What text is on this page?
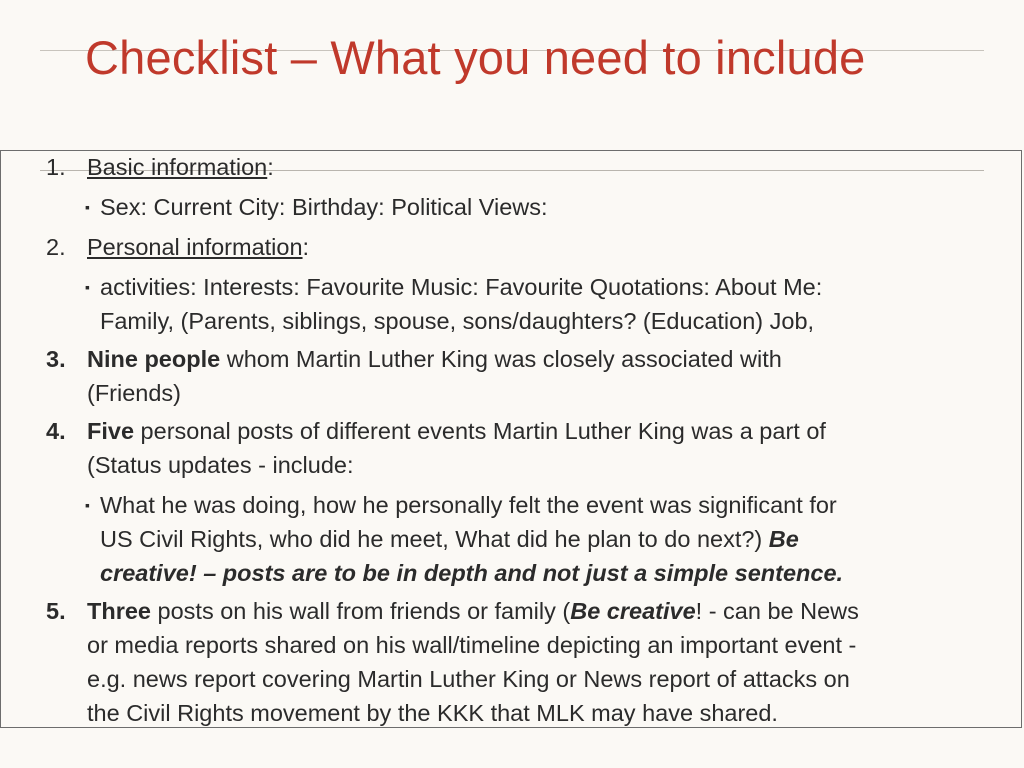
Checklist – What you need to include
1. Basic information:
▪ Sex: Current City: Birthday: Political Views:
2. Personal information:
▪ activities: Interests: Favourite Music: Favourite Quotations: About Me:
Family, (Parents, siblings, spouse, sons/daughters? (Education) Job,
3. Nine people whom Martin Luther King was closely associated with
(Friends)
4. Five personal posts of different events Martin Luther King was a part of
(Status updates - include:
▪ What he was doing, how he personally felt the event was significant for
US Civil Rights, who did he meet, What did he plan to do next?) Be
creative! – posts are to be in depth and not just a simple sentence.
5. Three posts on his wall from friends or family (Be creative! - can be News
or media reports shared on his wall/timeline depicting an important event -
e.g. news report covering Martin Luther King or News report of attacks on
the Civil Rights movement by the KKK that MLK may have shared.
